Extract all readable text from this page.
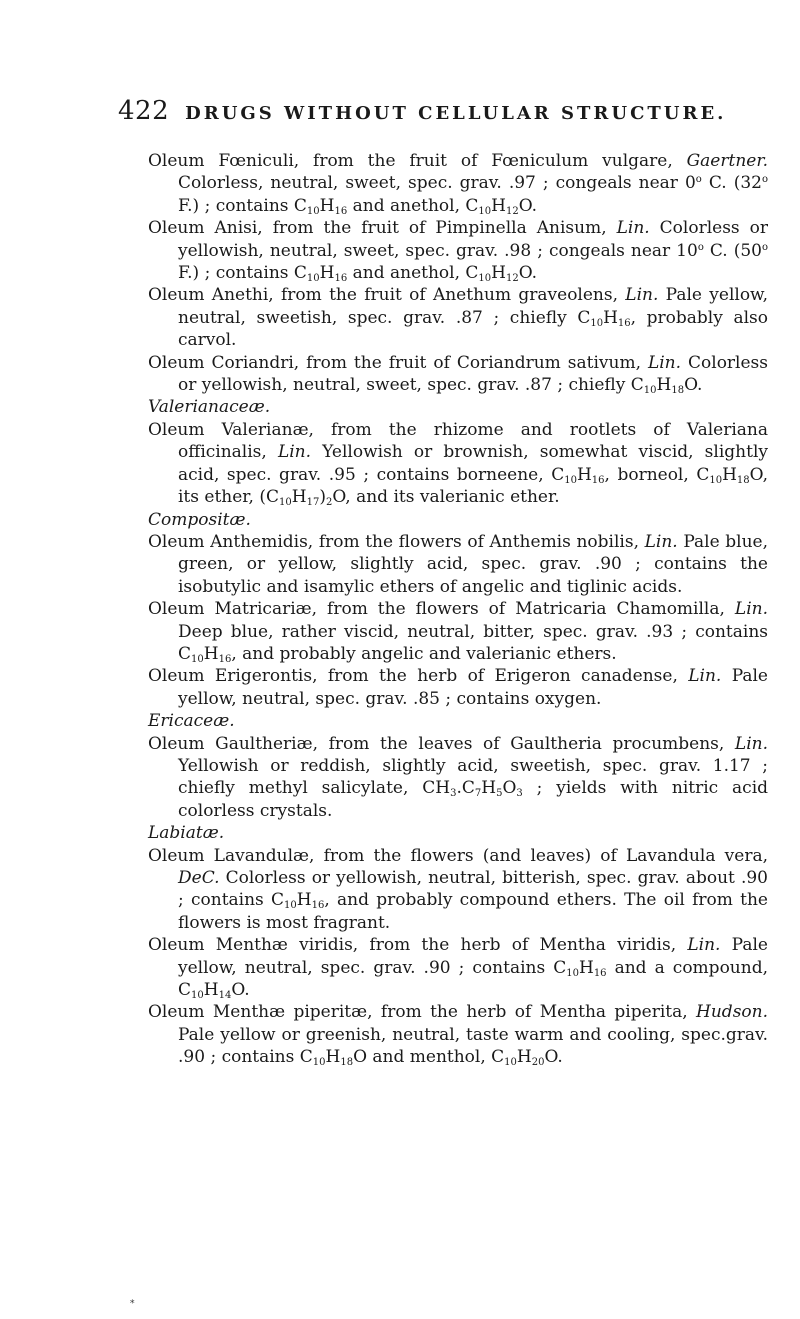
422 DRUGS WITHOUT CELLULAR STRUCTURE.

Oleum Fœniculi, from the fruit of Fœniculum vulgare, Gaertner. Colorless, neutral, sweet, spec. grav. .97 ; congeals near 0$^o$ C. (32$^o$ F.) ; contains $C_{10}H_{16}$ and anethol, $C_{10}H_{12}O$.

Oleum Anisi, from the fruit of Pimpinella Anisum, Lin. Colorless or yellowish, neutral, sweet, spec. grav. .98 ; congeals near 10$^o$ C. (50$^o$ F.) ; contains $C_{10}H_{16}$ and anethol, $C_{10}H_{12}O$.

Oleum Anethi, from the fruit of Anethum graveolens, Lin. Pale yellow, neutral, sweetish, spec. grav. .87 ; chiefly $C_{10}H_{16}$, probably also carvol.

Oleum Coriandri, from the fruit of Coriandrum sativum, Lin. Colorless or yellowish, neutral, sweet, spec. grav. .87 ; chiefly $C_{10}H_{18}O$.

Valerianaceæ.

Oleum Valerianæ, from the rhizome and rootlets of Valeriana officinalis, Lin. Yellowish or brownish, somewhat viscid, slightly acid, spec. grav. .95 ; contains borneene, $C_{10}H_{16}$, borneol, $C_{10}H_{18}O$, its ether, $(C_{10}H_{17})_2O$, and its valerianic ether.

Compositæ.

Oleum Anthemidis, from the flowers of Anthemis nobilis, Lin. Pale blue, green, or yellow, slightly acid, spec. grav. .90 ; contains the isobutylic and isamylic ethers of angelic and tiglinic acids.

Oleum Matricariæ, from the flowers of Matricaria Chamomilla, Lin. Deep blue, rather viscid, neutral, bitter, spec. grav. .93 ; contains $C_{10}H_{16}$, and probably angelic and valerianic ethers.

Oleum Erigerontis, from the herb of Erigeron canadense, Lin. Pale yellow, neutral, spec. grav. .85 ; contains oxygen.

Ericaceæ.

Oleum Gaultheriæ, from the leaves of Gaultheria procumbens, Lin. Yellowish or reddish, slightly acid, sweetish, spec. grav. 1.17 ; chiefly methyl salicylate, $CH_3.C_7H_5O_3$ ; yields with nitric acid colorless crystals.

Labiatæ.

Oleum Lavandulæ, from the flowers (and leaves) of Lavandula vera, DeC. Colorless or yellowish, neutral, bitterish, spec. grav. about .90 ; contains $C_{10}H_{16}$, and probably compound ethers. The oil from the flowers is most fragrant.

Oleum Menthæ viridis, from the herb of Mentha viridis, Lin. Pale yellow, neutral, spec. grav. .90 ; contains $C_{10}H_{16}$ and a compound, $C_{10}H_{14}O$.

Oleum Menthæ piperitæ, from the herb of Mentha piperita, Hudson. Pale yellow or greenish, neutral, taste warm and cooling, spec.grav. .90 ; contains $C_{10}H_{18}O$ and menthol, $C_{10}H_{20}O$.

⁎
